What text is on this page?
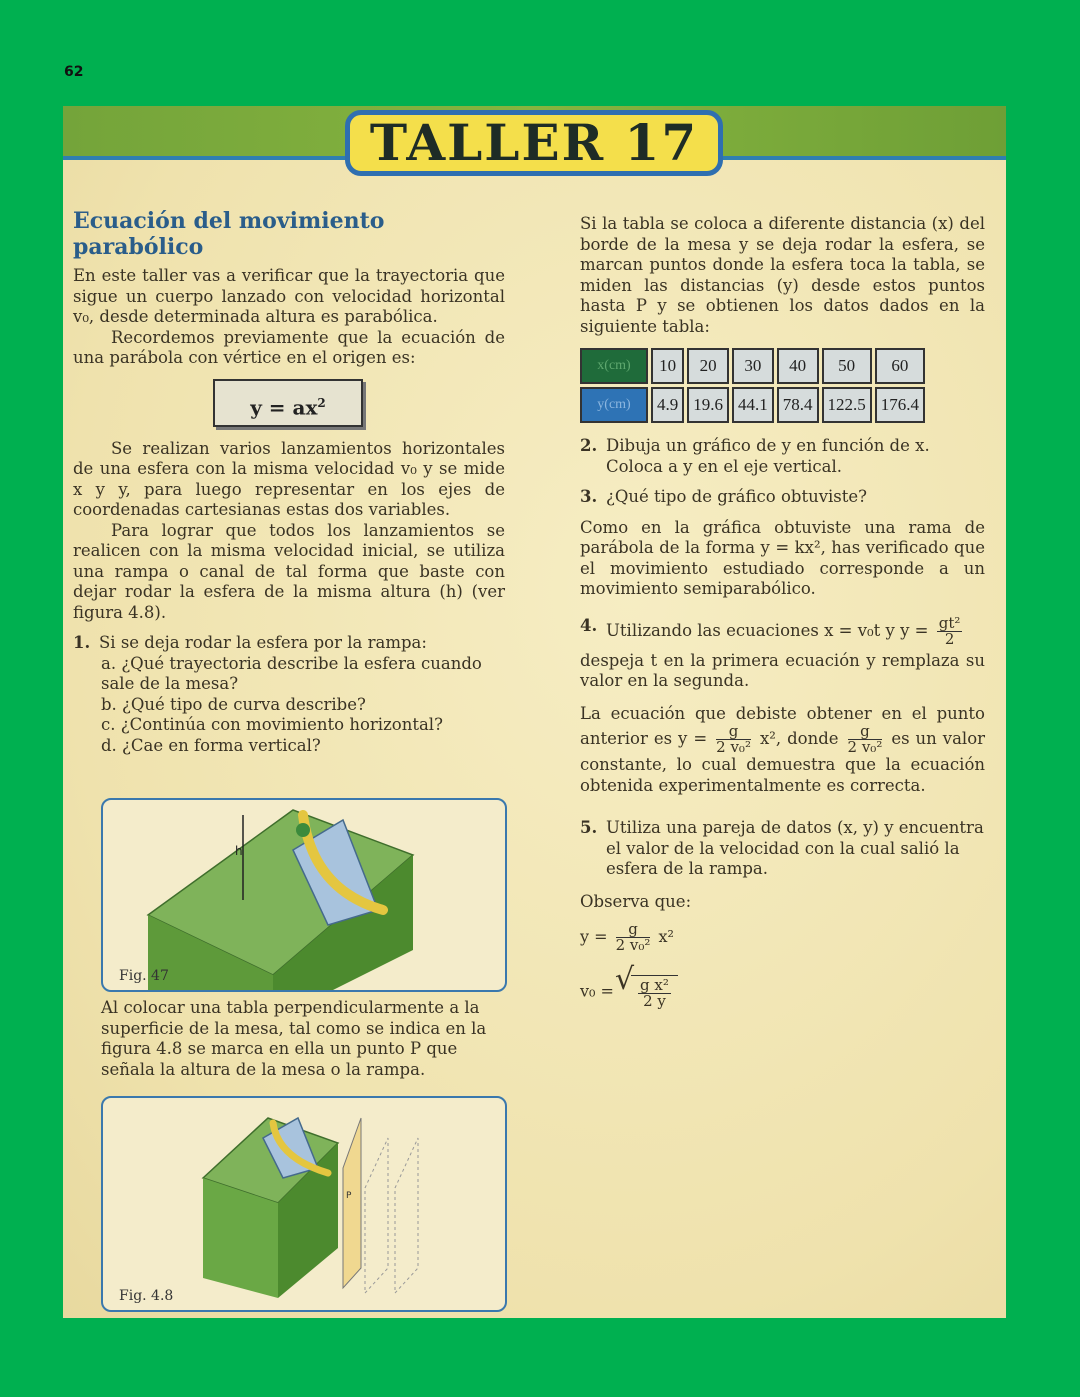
62
TALLER 17
Ecuación del movimiento parabólico

En este taller vas a verificar que la trayectoria que sigue un cuerpo lanzado con velocidad horizontal v₀, desde determinada altura es parabólica.

Recordemos previamente que la ecuación de una parábola con vértice en el origen es:

$y = ax^2$

Se realizan varios lanzamientos horizontales de una esfera con la misma velocidad v₀ y se mide x y y, para luego representar en los ejes de coordenadas cartesianas estas dos variables.

Para lograr que todos los lanzamientos se realicen con la misma velocidad inicial, se utiliza una rampa o canal de tal forma que baste con dejar rodar la esfera de la misma altura (h) (ver figura 4.8).

1. Si se deja rodar la esfera por la rampa:
a. ¿Qué trayectoria describe la esfera cuando sale de la mesa?
b. ¿Qué tipo de curva describe?
c. ¿Continúa con movimiento horizontal?
d. ¿Cae en forma vertical?
h
Fig. 47
Al colocar una tabla perpendicularmente a la superficie de la mesa, tal como se indica en la figura 4.8 se marca en ella un punto P que señala la altura de la mesa o la rampa.
P
Fig. 4.8

Si la tabla se coloca a diferente distancia (x) del borde de la mesa y se deja rodar la esfera, se marcan puntos donde la esfera toca la tabla, se miden las distancias (y) desde estos puntos hasta P y se obtienen los datos dados en la siguiente tabla:

x(cm)	10	20	30	40	50	60
y(cm)	4.9	19.6	44.1	78.4	122.5	176.4
2. Dibuja un gráfico de y en función de x. Coloca a y en el eje vertical.
3. ¿Qué tipo de gráfico obtuviste?

Como en la gráfica obtuviste una rama de parábola de la forma y = kx², has verificado que el movimiento estudiado corresponde a un movimiento semiparabólico.

4. Utilizando las ecuaciones x = v₀t y $y = \frac{\text{gt²}}{2}$

despeja t en la primera ecuación y remplaza su valor en la segunda.

La ecuación que debiste obtener en el punto anterior es $y = \frac{g}{\text{2 v₀²}} x^2$, donde $\frac{g}{\text{2 v₀²}}$ es un valor constante, lo cual demuestra que la ecuación obtenida experimentalmente es correcta.

5. Utiliza una pareja de datos (x, y) y encuentra el valor de la velocidad con la cual salió la esfera de la rampa.

Observa que:

$y = \frac{g}{\text{2 v₀²}} x^2$
v₀ = √ $\frac{\text{g x²}}{2 y}$
